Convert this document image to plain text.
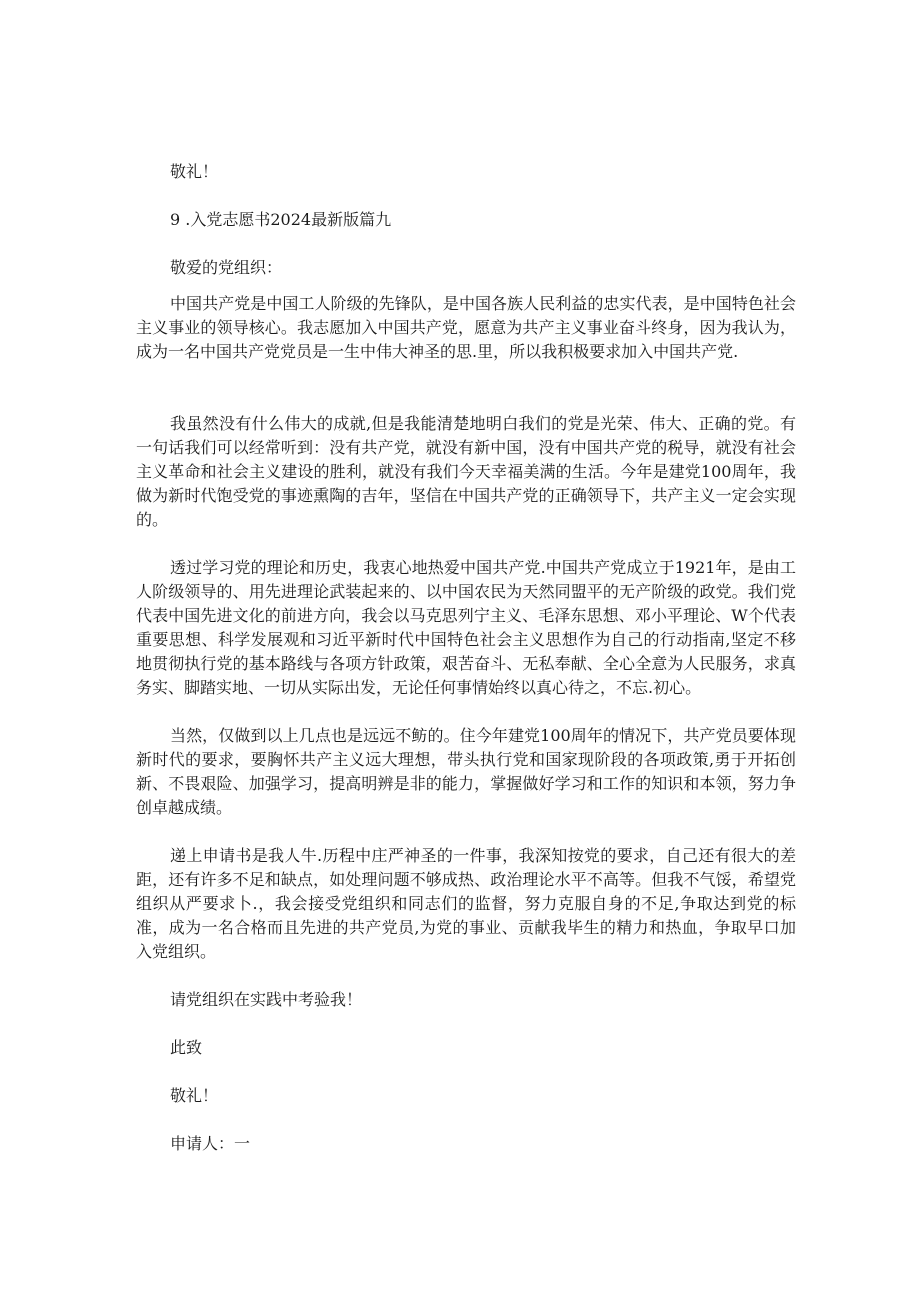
敬礼！
9 .入党志愿书2024最新版篇九
敬爱的党组织：
中国共产党是中国工人阶级的先锋队，是中国各族人民利益的忠实代表，是中国特色社会主义事业的领导核心。我志愿加入中国共产党，愿意为共产主义事业奋斗终身，因为我认为，成为一名中国共产党党员是一生中伟大神圣的思.里，所以我积极要求加入中国共产党.
我虽然没有什么伟大的成就,但是我能清楚地明白我们的党是光荣、伟大、正确的党。有一句话我们可以经常听到：没有共产党，就没有新中国，没有中国共产党的税导，就没有社会主义革命和社会主义建设的胜利，就没有我们今天幸福美满的生活。今年是建党100周年，我做为新时代饱受党的事迹熏陶的吉年，坚信在中国共产党的正确领导下，共产主义一定会实现的。
透过学习党的理论和历史，我衷心地热爱中国共产党.中国共产党成立于1921年，是由工人阶级领导的、用先进理论武装起来的、以中国农民为天然同盟平的无产阶级的政党。我们党代表中国先进文化的前进方向，我会以马克思列宁主义、毛泽东思想、邓小平理论、W个代表重要思想、科学发展观和习近平新时代中国特色社会主义思想作为自己的行动指南,坚定不移地贯彻执行党的基本路线与各项方针政策，艰苦奋斗、无私奉献、全心全意为人民服务，求真务实、脚踏实地、一切从实际出发，无论任何事情始终以真心待之，不忘.初心。
当然，仅做到以上几点也是远远不鲂的。住今年建党100周年的情况下，共产党员要体现新时代的要求，要胸怀共产主义远大理想，带头执行党和国家现阶段的各项政策,勇于开拓创新、不畏艰险、加强学习，提高明辨是非的能力，掌握做好学习和工作的知识和本领，努力争创卓越成绩。
递上申请书是我人牛.历程中庄严神圣的一件事，我深知按党的要求，自己还有很大的差距，还有许多不足和缺点，如处理问题不够成热、政治理论水平不高等。但我不气馁，希望党组织从严要求卜.，我会接受党组织和同志们的监督，努力克服自身的不足,争取达到党的标准，成为一名合格而且先进的共产党员,为党的事业、贡献我毕生的精力和热血，争取早口加入党组织。
请党组织在实践中考验我！
此致
敬礼！
申请人：一
